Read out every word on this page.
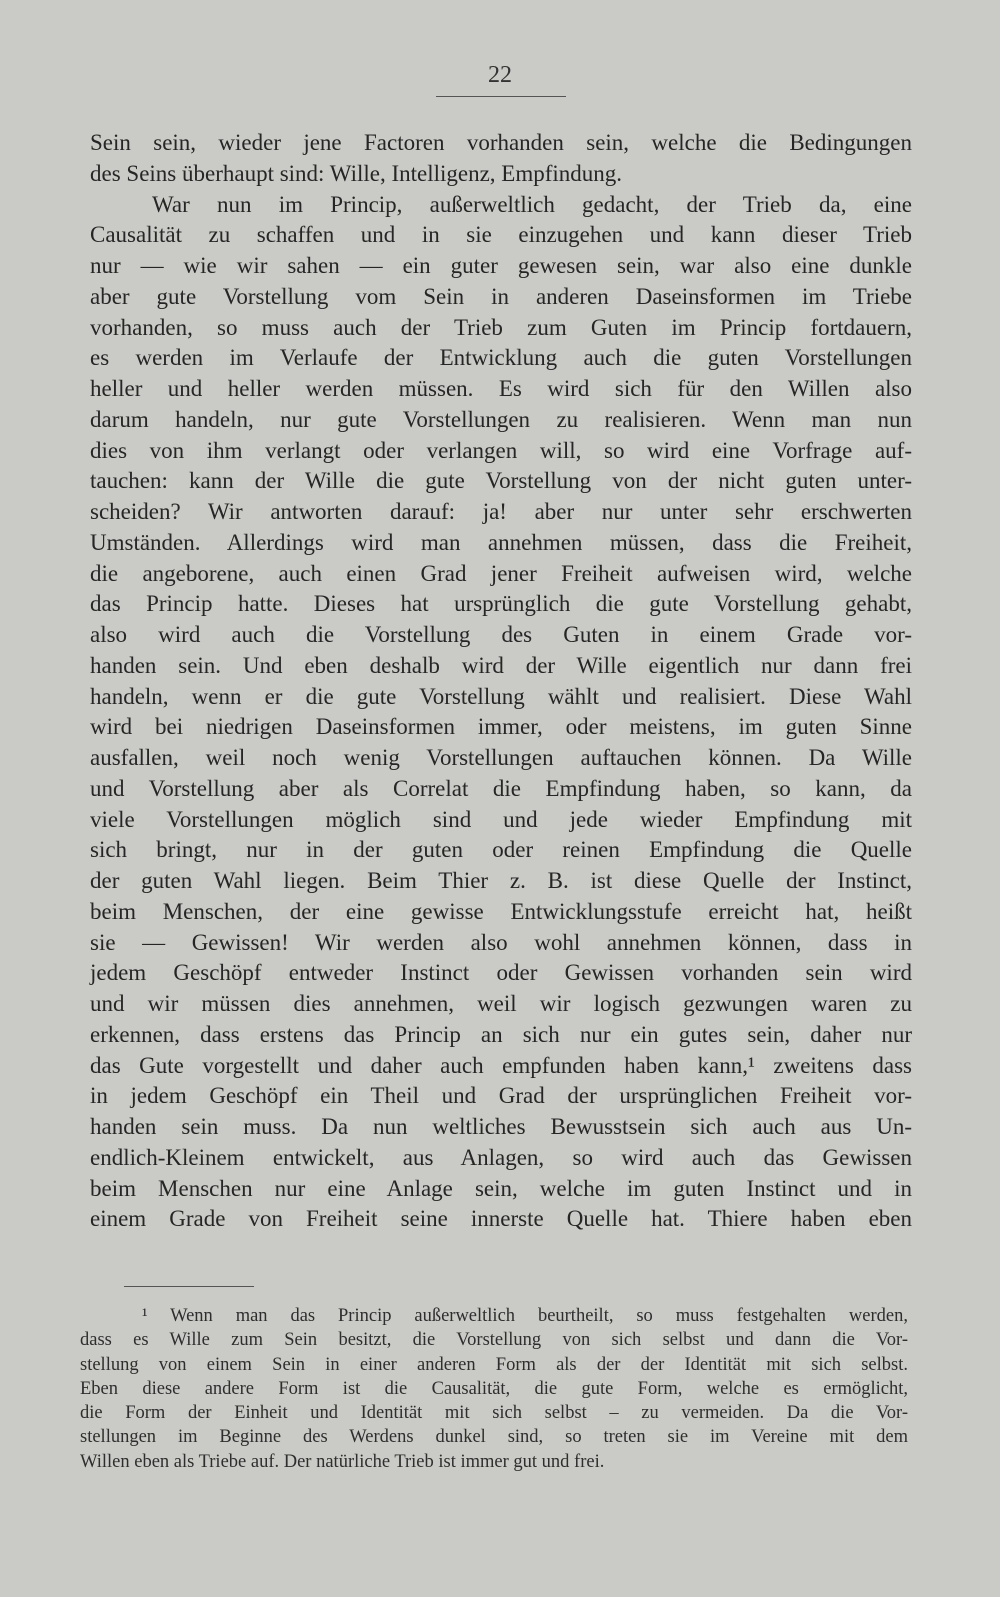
22
Sein sein, wieder jene Factoren vorhanden sein, welche die Bedingungen
des Seins überhaupt sind: Wille, Intelligenz, Empfindung.
War nun im Princip, außerweltlich gedacht, der Trieb da, eine
Causalität zu schaffen und in sie einzugehen und kann dieser Trieb
nur — wie wir sahen — ein guter gewesen sein, war also eine dunkle
aber gute Vorstellung vom Sein in anderen Daseinsformen im Triebe
vorhanden, so muss auch der Trieb zum Guten im Princip fortdauern,
es werden im Verlaufe der Entwicklung auch die guten Vorstellungen
heller und heller werden müssen. Es wird sich für den Willen also
darum handeln, nur gute Vorstellungen zu realisieren. Wenn man nun
dies von ihm verlangt oder verlangen will, so wird eine Vorfrage auf-
tauchen: kann der Wille die gute Vorstellung von der nicht guten unter-
scheiden? Wir antworten darauf: ja! aber nur unter sehr erschwerten
Umständen. Allerdings wird man annehmen müssen, dass die Freiheit,
die angeborene, auch einen Grad jener Freiheit aufweisen wird, welche
das Princip hatte. Dieses hat ursprünglich die gute Vorstellung gehabt,
also wird auch die Vorstellung des Guten in einem Grade vor-
handen sein. Und eben deshalb wird der Wille eigentlich nur dann frei
handeln, wenn er die gute Vorstellung wählt und realisiert. Diese Wahl
wird bei niedrigen Daseinsformen immer, oder meistens, im guten Sinne
ausfallen, weil noch wenig Vorstellungen auftauchen können. Da Wille
und Vorstellung aber als Correlat die Empfindung haben, so kann, da
viele Vorstellungen möglich sind und jede wieder Empfindung mit
sich bringt, nur in der guten oder reinen Empfindung die Quelle
der guten Wahl liegen. Beim Thier z. B. ist diese Quelle der Instinct,
beim Menschen, der eine gewisse Entwicklungsstufe erreicht hat, heißt
sie — Gewissen! Wir werden also wohl annehmen können, dass in
jedem Geschöpf entweder Instinct oder Gewissen vorhanden sein wird
und wir müssen dies annehmen, weil wir logisch gezwungen waren zu
erkennen, dass erstens das Princip an sich nur ein gutes sein, daher nur
das Gute vorgestellt und daher auch empfunden haben kann,¹ zweitens dass
in jedem Geschöpf ein Theil und Grad der ursprünglichen Freiheit vor-
handen sein muss. Da nun weltliches Bewusstsein sich auch aus Un-
endlich-Kleinem entwickelt, aus Anlagen, so wird auch das Gewissen
beim Menschen nur eine Anlage sein, welche im guten Instinct und in
einem Grade von Freiheit seine innerste Quelle hat. Thiere haben eben
¹ Wenn man das Princip außerweltlich beurtheilt, so muss festgehalten werden,
dass es Wille zum Sein besitzt, die Vorstellung von sich selbst und dann die Vor-
stellung von einem Sein in einer anderen Form als der der Identität mit sich selbst.
Eben diese andere Form ist die Causalität, die gute Form, welche es ermöglicht,
die Form der Einheit und Identität mit sich selbst – zu vermeiden. Da die Vor-
stellungen im Beginne des Werdens dunkel sind, so treten sie im Vereine mit dem
Willen eben als Triebe auf. Der natürliche Trieb ist immer gut und frei.
